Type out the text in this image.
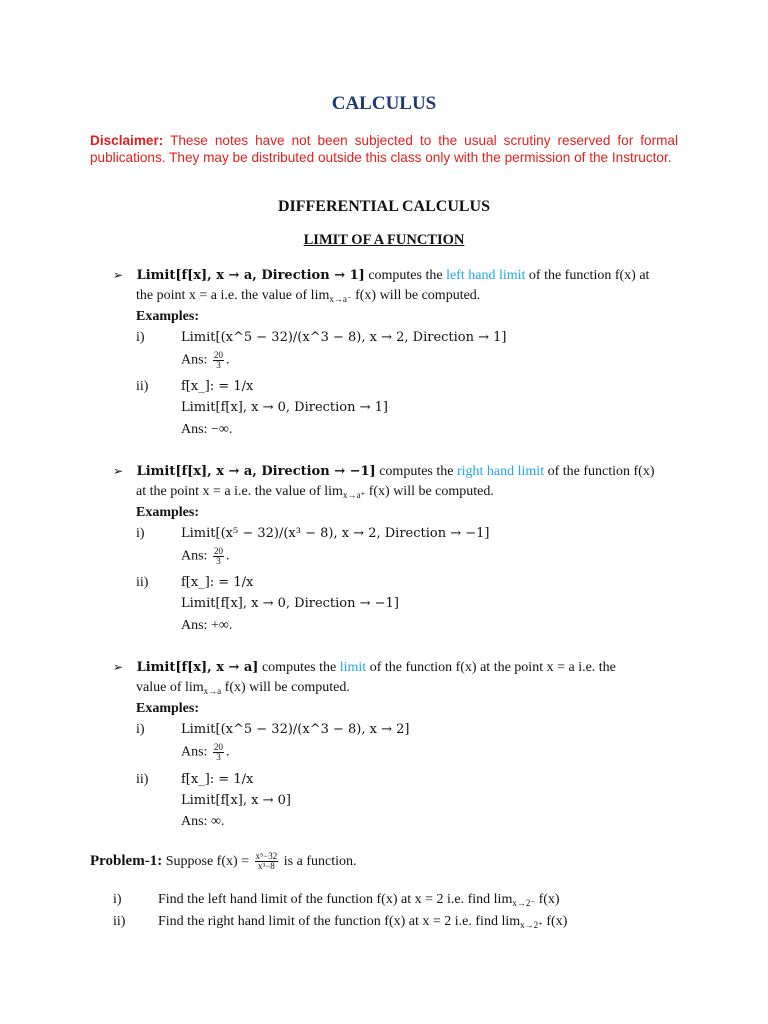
CALCULUS
Disclaimer: These notes have not been subjected to the usual scrutiny reserved for formal publications. They may be distributed outside this class only with the permission of the Instructor.
DIFFERENTIAL CALCULUS
LIMIT OF A FUNCTION
➢ Limit[f[x], x → a, Direction → 1] computes the left hand limit of the function f(x) at
the point x = a i.e. the value of $\lim_{x\to a^-} f(x)$ will be computed.
Examples:
i)	Limit[(x^5 − 32)/(x^3 − 8), x → 2, Direction → 1]
Ans: $\frac{20}{3}$ .
ii)	f[x_]: = 1/x
Limit[f[x], x → 0, Direction → 1]
Ans: −∞.
➢ Limit[f[x], x → a, Direction → −1] computes the right hand limit of the function f(x)
at the point x = a i.e. the value of $\lim_{x\to a^+} f(x)$ will be computed.
Examples:
i)	Limit[(x⁵ − 32)/(x³ − 8), x → 2, Direction → −1]
Ans: $\frac{20}{3}$ .
ii)	f[x_]: = 1/x
Limit[f[x], x → 0, Direction → −1]
Ans: +∞.
➢ Limit[f[x], x → a] computes the limit of the function f(x) at the point x = a i.e. the
value of $\lim_{x\to a} f(x)$ will be computed.
Examples:
i)	Limit[(x^5 − 32)/(x^3 − 8), x → 2]
Ans: $\frac{20}{3}$ .
ii)	f[x_]: = 1/x
Limit[f[x], x → 0]
Ans: ∞.
Problem-1: Suppose $f(x) = \frac{\text{x⁵−32}}{\text{x³−8}}$ is a function.
i)	Find the left hand limit of the function f(x) at x = 2 i.e. find $\lim_{x\to 2^-} f(x)$
ii) Find the right hand limit of the function f(x) at x = 2 i.e. find $\lim_{x\to 2^+} f(x)$
